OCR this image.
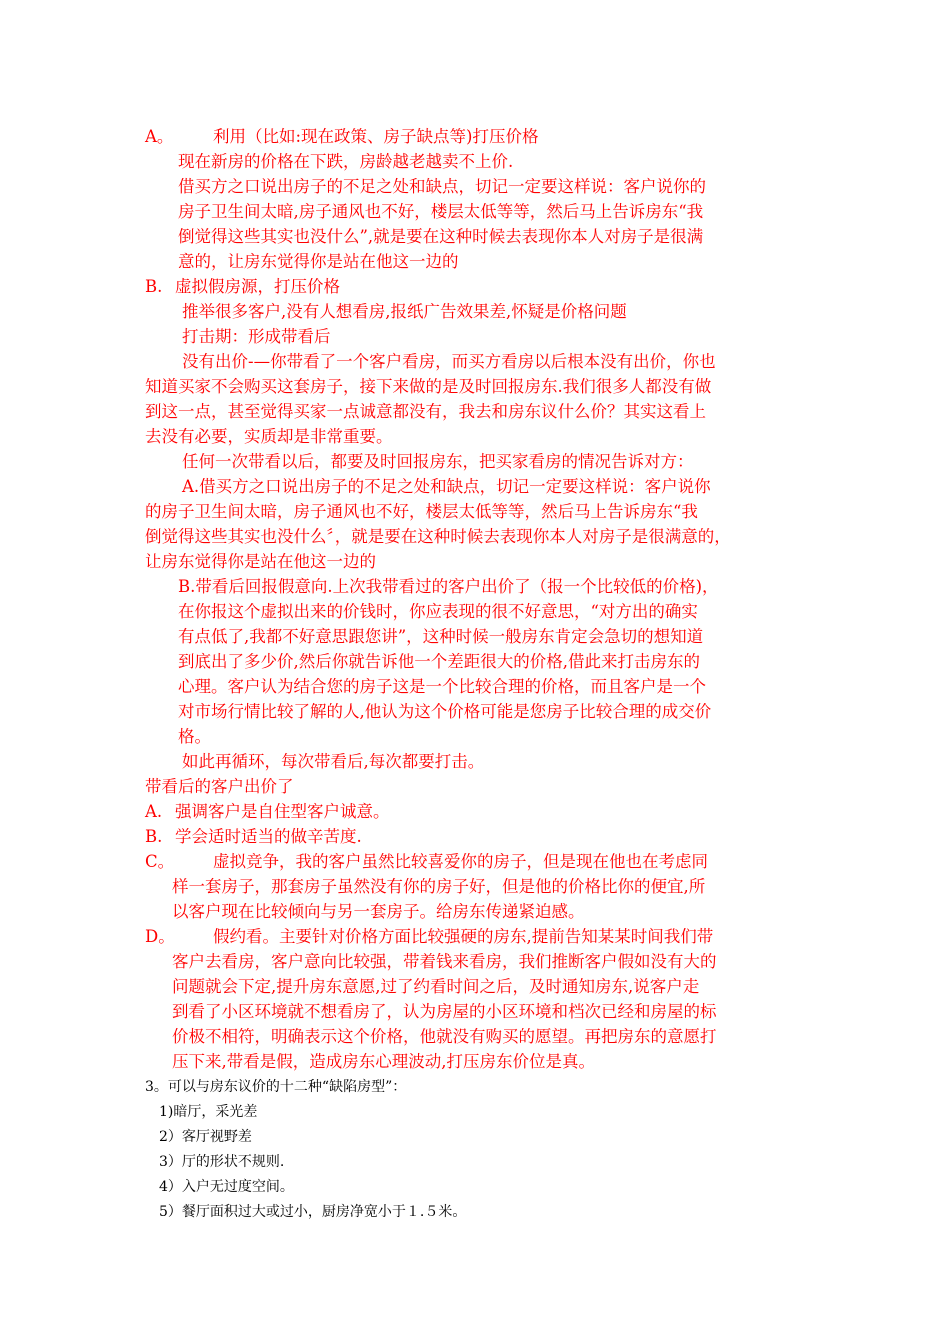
A。 利用（比如:现在政策、房子缺点等)打压价格
现在新房的价格在下跌，房龄越老越卖不上价.
借买方之口说出房子的不足之处和缺点，切记一定要这样说：客户说你的
房子卫生间太暗,房子通风也不好，楼层太低等等，然后马上告诉房东“我
倒觉得这些其实也没什么”,就是要在这种时候去表现你本人对房子是很满
意的，让房东觉得你是站在他这一边的
B. 虚拟假房源，打压价格
推举很多客户,没有人想看房,报纸广告效果差,怀疑是价格问题
打击期：形成带看后
没有出价-—你带看了一个客户看房，而买方看房以后根本没有出价，你也
知道买家不会购买这套房子，接下来做的是及时回报房东.我们很多人都没有做
到这一点，甚至觉得买家一点诚意都没有，我去和房东议什么价？其实这看上
去没有必要，实质却是非常重要。
任何一次带看以后，都要及时回报房东，把买家看房的情况告诉对方：
A.借买方之口说出房子的不足之处和缺点，切记一定要这样说：客户说你
的房子卫生间太暗，房子通风也不好，楼层太低等等，然后马上告诉房东“我
倒觉得这些其实也没什么〞，就是要在这种时候去表现你本人对房子是很满意的，
让房东觉得你是站在他这一边的
B.带看后回报假意向.上次我带看过的客户出价了（报一个比较低的价格)，
在你报这个虚拟出来的价钱时，你应表现的很不好意思，“对方出的确实
有点低了,我都不好意思跟您讲”，这种时候一般房东肯定会急切的想知道
到底出了多少价,然后你就告诉他一个差距很大的价格,借此来打击房东的
心理。客户认为结合您的房子这是一个比较合理的价格，而且客户是一个
对市场行情比较了解的人,他认为这个价格可能是您房子比较合理的成交价
格。
如此再循环，每次带看后,每次都要打击。
带看后的客户出价了
A. 强调客户是自住型客户诚意。
B. 学会适时适当的做辛苦度.
C。 虚拟竞争，我的客户虽然比较喜爱你的房子，但是现在他也在考虑同
样一套房子，那套房子虽然没有你的房子好，但是他的价格比你的便宜,所
以客户现在比较倾向与另一套房子。给房东传递紧迫感。
D。 假约看。主要针对价格方面比较强硬的房东,提前告知某某时间我们带
客户去看房，客户意向比较强，带着钱来看房，我们推断客户假如没有大的
问题就会下定,提升房东意愿,过了约看时间之后，及时通知房东,说客户走
到看了小区环境就不想看房了，认为房屋的小区环境和档次已经和房屋的标
价极不相符，明确表示这个价格，他就没有购买的愿望。再把房东的意愿打
压下来,带看是假，造成房东心理波动,打压房东价位是真。
3。可以与房东议价的十二种“缺陷房型”：
1)暗厅，采光差
2）客厅视野差
3）厅的形状不规则.
4）入户无过度空间。
5）餐厅面积过大或过小，厨房净宽小于１.５米。
